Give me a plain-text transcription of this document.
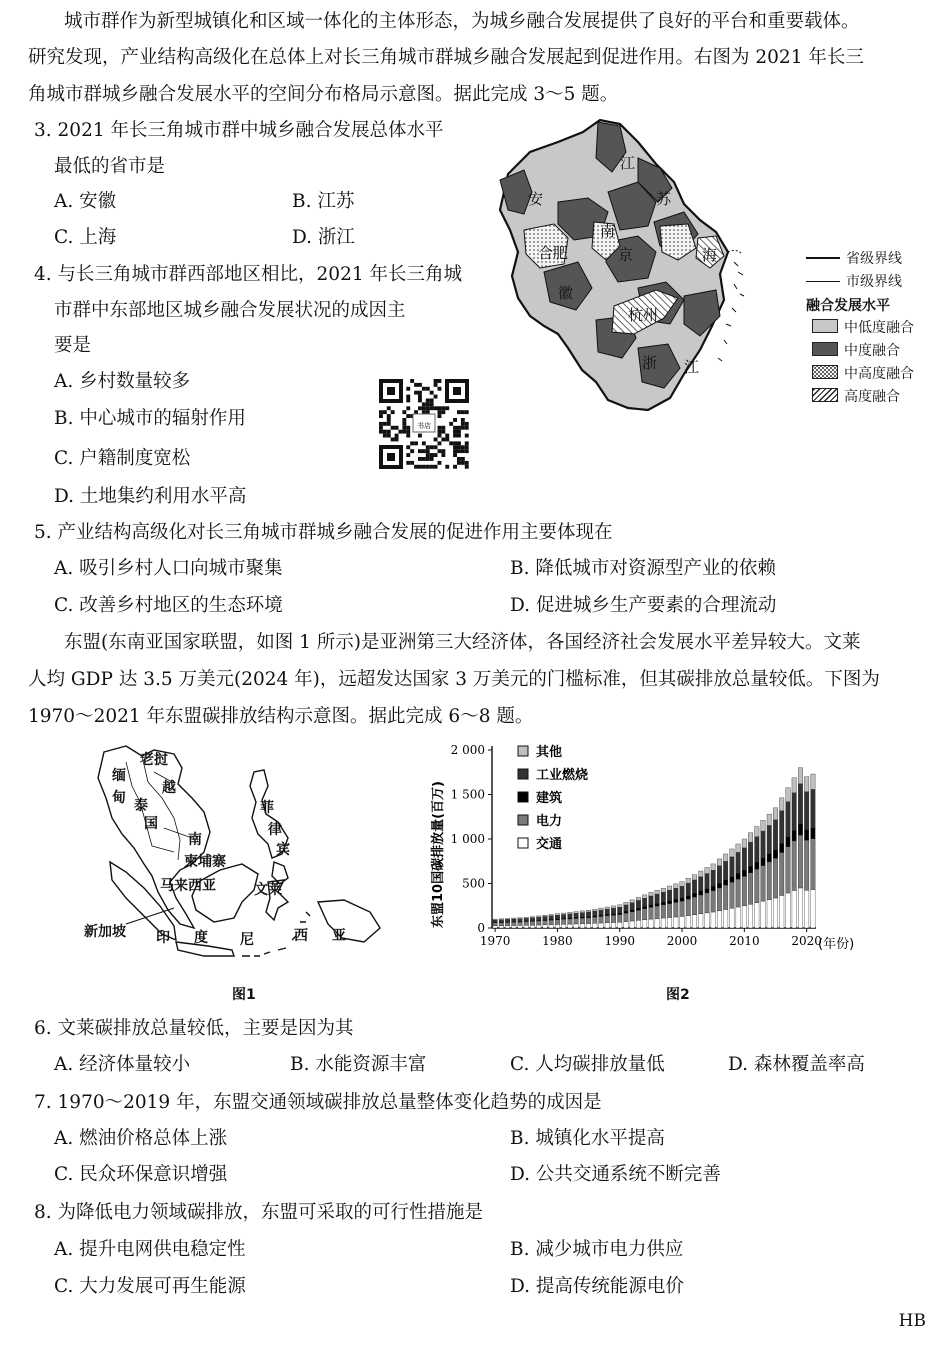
城市群作为新型城镇化和区域一体化的主体形态，为城乡融合发展提供了良好的平台和重要载体。
研究发现，产业结构高级化在总体上对长三角城市群城乡融合发展起到促进作用。右图为 2021 年长三
角城市群城乡融合发展水平的空间分布格局示意图。据此完成 3～5 题。
3. 2021 年长三角城市群中城乡融合发展总体水平
最低的省市是
A. 安徽	B. 江苏
C. 上海	D. 浙江
4. 与长三角城市群西部地区相比，2021 年长三角城
市群中东部地区城乡融合发展状况的成因主
要是
A. 乡村数量较多
B. 中心城市的辐射作用
C. 户籍制度宽松
D. 土地集约利用水平高
书店
江
苏
安
南
京
合肥
徽
海
杭州
浙 江
省级界线
市级界线
融合发展水平
中低度融合
中度融合
中高度融合
高度融合
5. 产业结构高级化对长三角城市群城乡融合发展的促进作用主要体现在
A. 吸引乡村人口向城市聚集	B. 降低城市对资源型产业的依赖
C. 改善乡村地区的生态环境	D. 促进城乡生产要素的合理流动
东盟(东南亚国家联盟，如图 1 所示)是亚洲第三大经济体，各国经济社会发展水平差异较大。文莱
人均 GDP 达 3.5 万美元(2024 年)，远超发达国家 3 万美元的门槛标准，但其碳排放总量较低。下图为
1970～2021 年东盟碳排放结构示意图。据此完成 6～8 题。
老挝
缅
甸
越
泰
国
南
柬埔寨
菲
律
宾
马来西亚	文莱
新加坡 印 度 尼	西 亚
图1
0
500
1 000
1 500
2 000
1970	1980	1990	2000	2010	2020
其他
工业燃烧
建筑
电力
交通
东盟10国碳排放量(百万)
(年份)
图2
6. 文莱碳排放总量较低，主要是因为其
A. 经济体量较小	B. 水能资源丰富	C. 人均碳排放量低	D. 森林覆盖率高
7. 1970～2019 年，东盟交通领域碳排放总量整体变化趋势的成因是
A. 燃油价格总体上涨	B. 城镇化水平提高
C. 民众环保意识增强	D. 公共交通系统不断完善
8. 为降低电力领域碳排放，东盟可采取的可行性措施是
A. 提升电网供电稳定性	B. 减少城市电力供应
C. 大力发展可再生能源	D. 提高传统能源电价
HB
